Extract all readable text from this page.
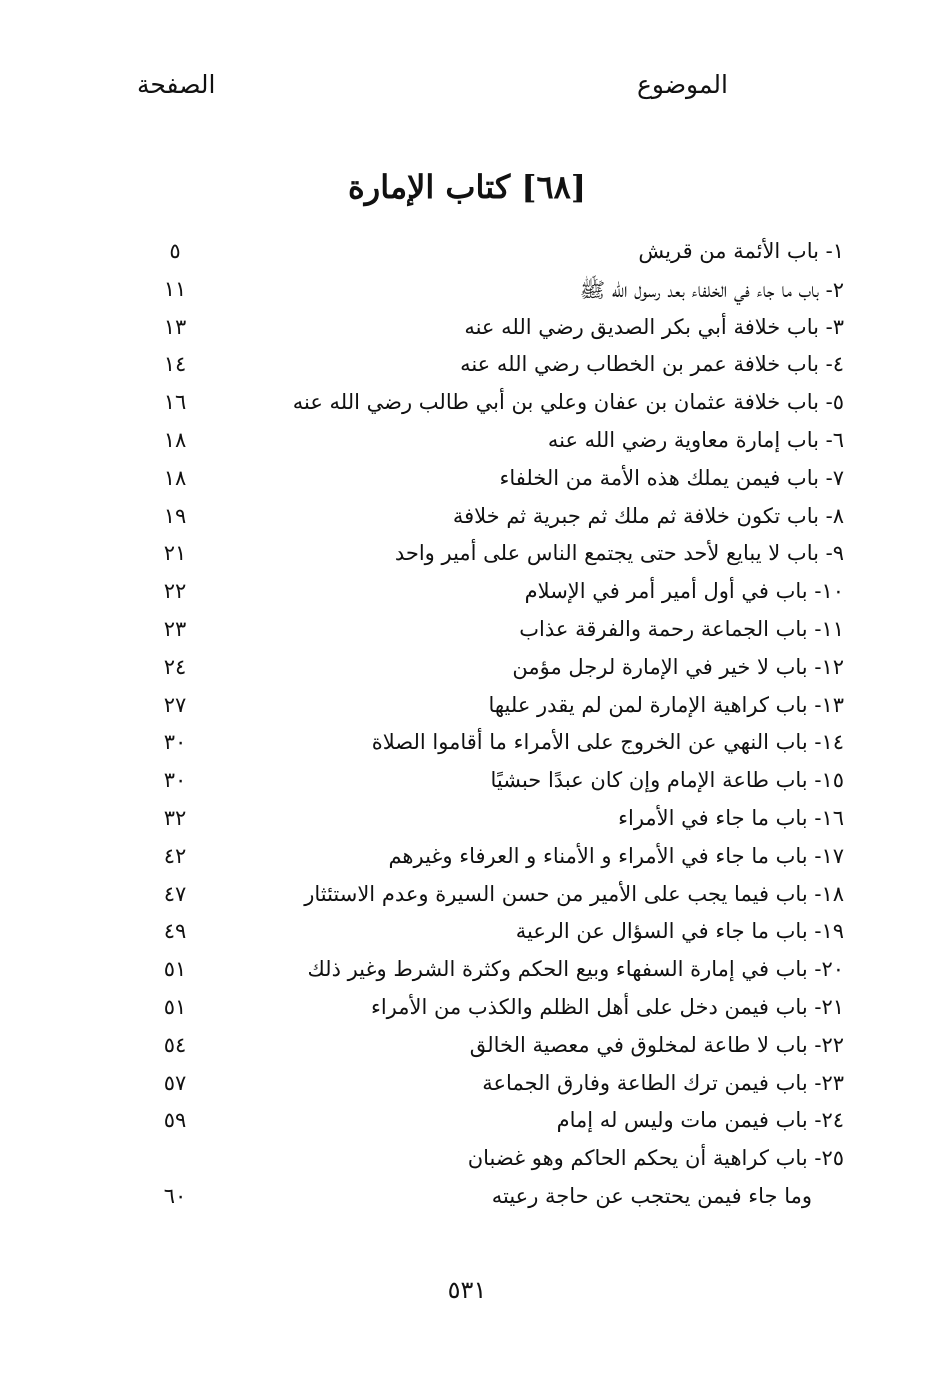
الموضوع
الصفحة
[٦٨] كتاب الإمارة
١- باب الأئمة من قريش
٥
٢- باب ما جاء في الخلفاء بعد رسول الله ﷺ
١١
٣- باب خلافة أبي بكر الصديق رضي الله عنه
١٣
٤- باب خلافة عمر بن الخطاب رضي الله عنه
١٤
٥- باب خلافة عثمان بن عفان وعلي بن أبي طالب رضي الله عنه
١٦
٦- باب إمارة معاوية رضي الله عنه
١٨
٧- باب فيمن يملك هذه الأمة من الخلفاء
١٨
٨- باب تكون خلافة ثم ملك ثم جبرية ثم خلافة
١٩
٩- باب لا يبايع لأحد حتى يجتمع الناس على أمير واحد
٢١
١٠- باب في أول أمير أمر في الإسلام
٢٢
١١- باب الجماعة رحمة والفرقة عذاب
٢٣
١٢- باب لا خير في الإمارة لرجل مؤمن
٢٤
١٣- باب كراهية الإمارة لمن لم يقدر عليها
٢٧
١٤- باب النهي عن الخروج على الأمراء ما أقاموا الصلاة
٣٠
١٥- باب طاعة الإمام وإن كان عبدًا حبشيًا
٣٠
١٦- باب ما جاء في الأمراء
٣٢
١٧- باب ما جاء في الأمراء و الأمناء و العرفاء وغيرهم
٤٢
١٨- باب فيما يجب على الأمير من حسن السيرة وعدم الاستئثار
٤٧
١٩- باب ما جاء في السؤال عن الرعية
٤٩
٢٠- باب في إمارة السفهاء وبيع الحكم وكثرة الشرط وغير ذلك
٥١
٢١- باب فيمن دخل على أهل الظلم والكذب من الأمراء
٥١
٢٢- باب لا طاعة لمخلوق في معصية الخالق
٥٤
٢٣- باب فيمن ترك الطاعة وفارق الجماعة
٥٧
٢٤- باب فيمن مات وليس له إمام
٥٩
٢٥- باب كراهية أن يحكم الحاكم وهو غضبان
وما جاء فيمن يحتجب عن حاجة رعيته
٦٠
٥٣١
